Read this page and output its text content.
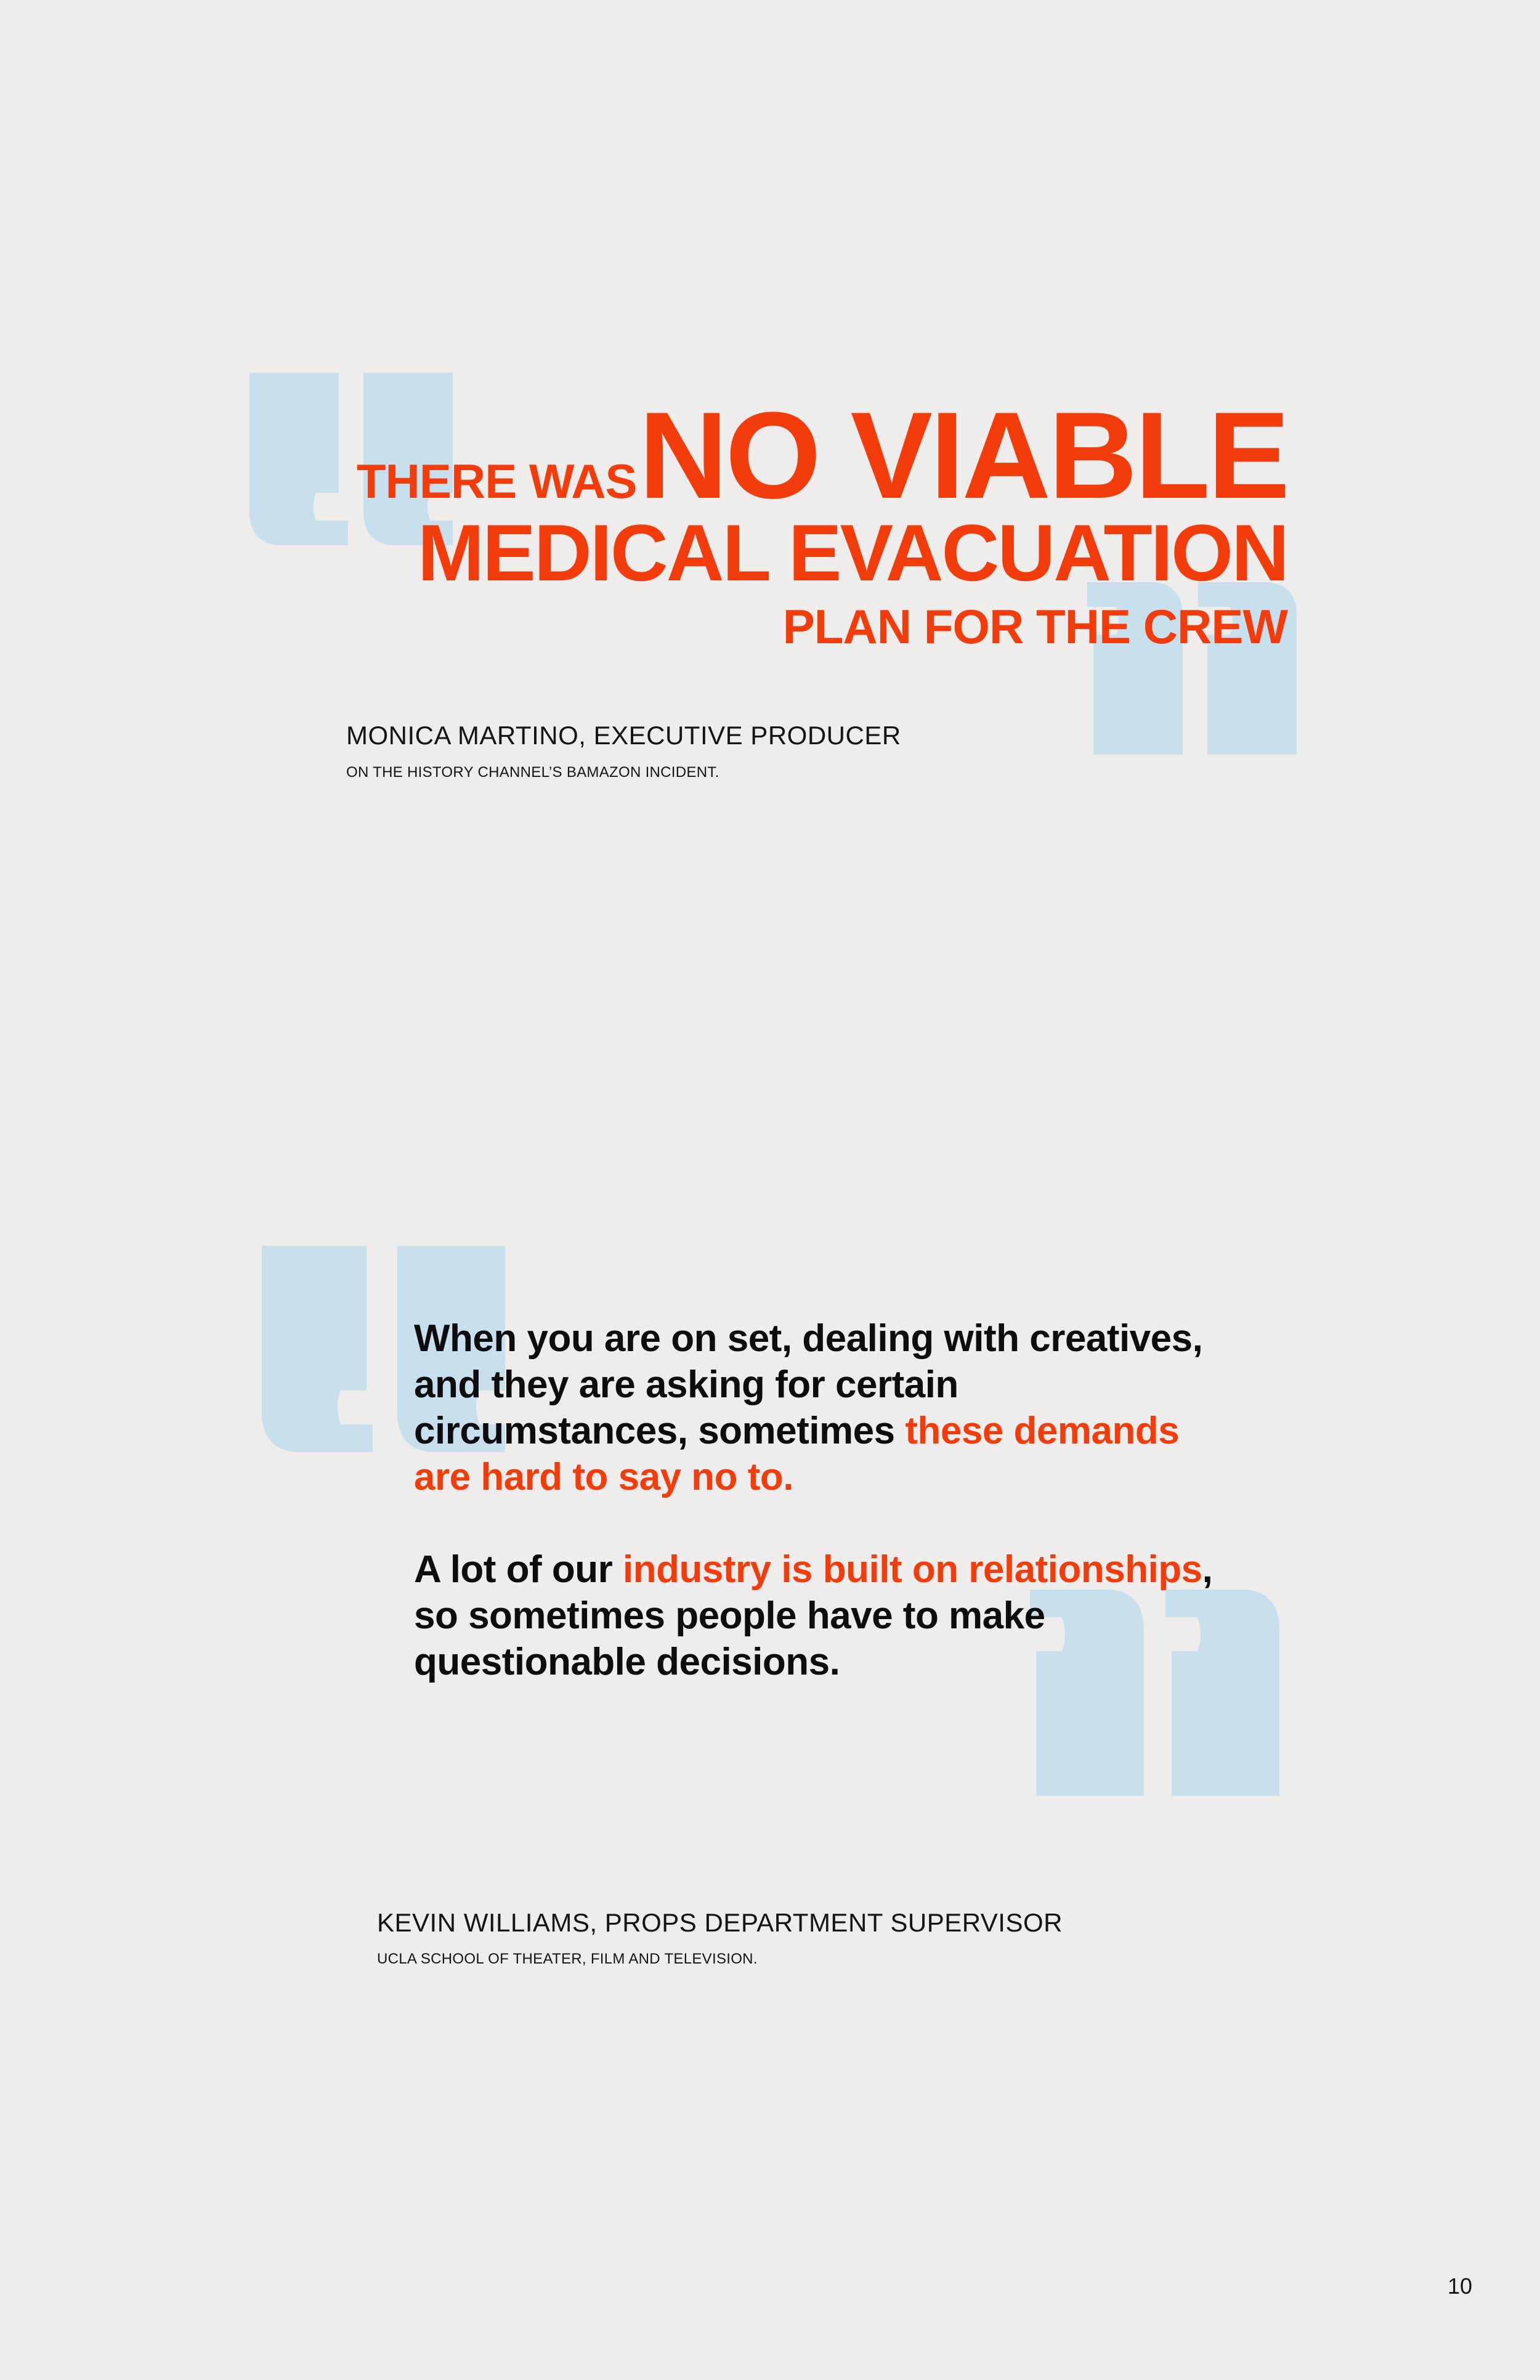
THERE WAS NO VIABLE
MEDICAL EVACUATION
PLAN FOR THE CREW
MONICA MARTINO, EXECUTIVE PRODUCER
ON THE HISTORY CHANNEL’S BAMAZON INCIDENT.

When you are on set, dealing with creatives, and they are asking for certain circumstances, sometimes these demands are hard to say no to.

A lot of our industry is built on relationships, so sometimes people have to make questionable decisions.

KEVIN WILLIAMS, PROPS DEPARTMENT SUPERVISOR
UCLA SCHOOL OF THEATER, FILM AND TELEVISION.
10
